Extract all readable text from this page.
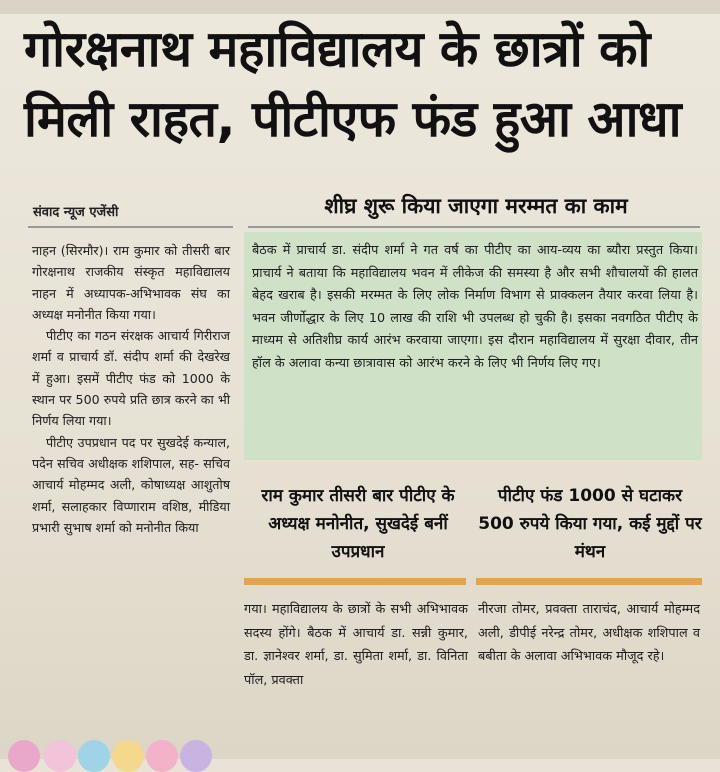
गोरक्षनाथ महाविद्यालय के छात्रों को
मिली राहत, पीटीएफ फंड हुआ आधा
संवाद न्यूज एजेंसी	शीघ्र शुरू किया जाएगा मरम्मत का काम

नाहन (सिरमौर)। राम कुमार को तीसरी बार गोरक्षनाथ राजकीय संस्कृत महाविद्यालय नाहन में अध्यापक-अभिभावक संघ का अध्यक्ष मनोनीत किया गया।

पीटीए का गठन संरक्षक आचार्य गिरीराज शर्मा व प्राचार्य डॉ. संदीप शर्मा की देखरेख में हुआ। इसमें पीटीए फंड को 1000 के स्थान पर 500 रुपये प्रति छात्र करने का भी निर्णय लिया गया।

पीटीए उपप्रधान पद पर सुखदेई कन्याल, पदेन सचिव अधीक्षक शशिपाल, सह- सचिव आचार्य मोहम्मद अली, कोषाध्यक्ष आशुतोष शर्मा, सलाहकार विप्णाराम वशिष्ठ, मीडिया प्रभारी सुभाष शर्मा को मनोनीत किया

बैठक में प्राचार्य डा. संदीप शर्मा ने गत वर्ष का पीटीए का आय-व्यय का ब्यौरा प्रस्तुत किया। प्राचार्य ने बताया कि महाविद्यालय भवन में लीकेज की समस्या है और सभी शौचालयों की हालत बेहद खराब है। इसकी मरम्मत के लिए लोक निर्माण विभाग से प्राक्कलन तैयार करवा लिया है। भवन जीर्णोद्धार के लिए 10 लाख की राशि भी उपलब्ध हो चुकी है। इसका नवगठित पीटीए के माध्यम से अतिशीघ्र कार्य आरंभ करवाया जाएगा। इस दौरान महाविद्यालय में सुरक्षा दीवार, तीन हॉल के अलावा कन्या छात्रावास को आरंभ करने के लिए भी निर्णय लिए गए।
राम कुमार तीसरी बार पीटीए के अध्यक्ष मनोनीत, सुखदेई बनीं उपप्रधान
पीटीए फंड 1000 से घटाकर 500 रुपये किया गया, कई मुद्दों पर मंथन
गया। महाविद्यालय के छात्रों के सभी अभिभावक सदस्य होंगे। बैठक में आचार्य डा. सन्नी कुमार, डा. ज्ञानेश्वर शर्मा, डा. सुमिता शर्मा, डा. विनिता पॉल, प्रवक्ता
नीरजा तोमर, प्रवक्ता ताराचंद, आचार्य मोहम्मद अली, डीपीई नरेन्द्र तोमर, अधीक्षक शशिपाल व बबीता के अलावा अभिभावक मौजूद रहे।
